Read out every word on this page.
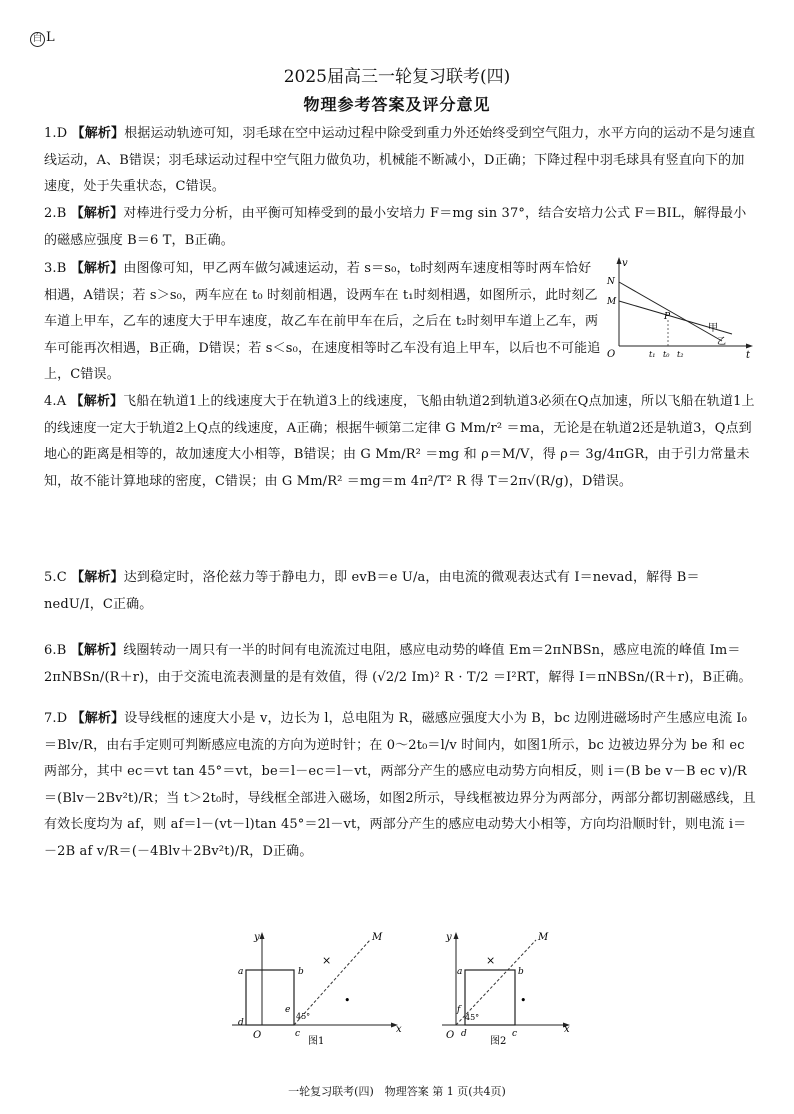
白 L
2025届高三一轮复习联考(四)
物理参考答案及评分意见
1.D 【解析】根据运动轨迹可知，羽毛球在空中运动过程中除受到重力外还始终受到空气阻力，水平方向的运动不是匀速直线运动，A、B错误；羽毛球运动过程中空气阻力做负功，机械能不断减小，D正确；下降过程中羽毛球具有竖直向下的加速度，处于失重状态，C错误。
2.B 【解析】对棒进行受力分析，由平衡可知棒受到的最小安培力 F＝mg sin 37°，结合安培力公式 F＝BIL，解得最小的磁感应强度 B＝6 T，B正确。
3.B 【解析】由图像可知，甲乙两车做匀减速运动，若 s＝s₀，t₀时刻两车速度相等时两车恰好相遇，A错误；若 s＞s₀，两车应在 t₀ 时刻前相遇，设两车在 t₁时刻相遇，如图所示，此时刻乙车道上甲车，乙车的速度大于甲车速度，故乙车在前甲车在后，之后在 t₂时刻甲车道上乙车，两车可能再次相遇，B正确，D错误；若 s＜s₀，在速度相等时乙车没有追上甲车，以后也不可能追上，C错误。
v
t
O
N
M
P
甲
乙
t₁ t₀ t₂
4.A 【解析】飞船在轨道1上的线速度大于在轨道3上的线速度，飞船由轨道2到轨道3必须在Q点加速，所以飞船在轨道1上的线速度一定大于轨道2上Q点的线速度，A正确；根据牛顿第二定律 G Mm/r² ＝ma，无论是在轨道2还是轨道3，Q点到地心的距离是相等的，故加速度大小相等，B错误；由 G Mm/R² ＝mg 和 ρ＝M/V，得 ρ＝ 3g/4πGR，由于引力常量未知，故不能计算地球的密度，C错误；由 G Mm/R² ＝mg＝m 4π²/T² R 得 T＝2π√(R/g)，D错误。
5.C 【解析】达到稳定时，洛伦兹力等于静电力，即 evB＝e U/a，由电流的微观表达式有 I＝nevad，解得 B＝nedU/I，C正确。
6.B 【解析】线圈转动一周只有一半的时间有电流流过电阻，感应电动势的峰值 Em＝2πNBSn，感应电流的峰值 Im＝2πNBSn/(R＋r)，由于交流电流表测量的是有效值，得 (√2/2 Im)² R · T/2 ＝I²RT，解得 I＝πNBSn/(R＋r)，B正确。
7.D 【解析】设导线框的速度大小是 v，边长为 l，总电阻为 R，磁感应强度大小为 B，bc 边刚进磁场时产生感应电流 I₀＝Blv/R，由右手定则可判断感应电流的方向为逆时针；在 0～2t₀＝l/v 时间内，如图1所示，bc 边被边界分为 be 和 ec 两部分，其中 ec＝vt tan 45°＝vt，be＝l－ec＝l－vt，两部分产生的感应电动势方向相反，则 i＝(B be v－B ec v)/R＝(Blv－2Bv²t)/R；当 t＞2t₀时，导线框全部进入磁场，如图2所示，导线框被边界分为两部分，两部分都切割磁感线，且有效长度均为 af，则 af＝l－(vt－l)tan 45°＝2l－vt，两部分产生的感应电动势大小相等，方向均沿顺时针，则电流 i＝－2B af v/R＝(－4Blv＋2Bv²t)/R，D正确。
y
x
O
M
a	b
c
d
e
45°
×
•
图1
y
x
O
M
a	b
c
d
f
45°
×
•
图2
一轮复习联考(四)　物理答案 第 1 页(共4页)
